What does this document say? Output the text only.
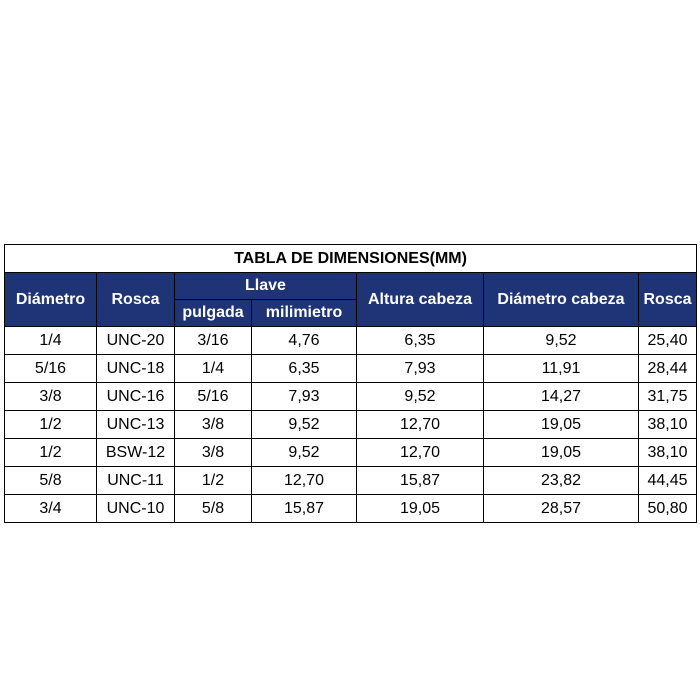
TABLA DE DIMENSIONES(MM)						
Diámetro	Rosca	Llave		Altura cabeza	Diámetro cabeza	Rosca
		pulgada	milimietro			
1/4	UNC-20	3/16	4,76	6,35	9,52	25,40
5/16	UNC-18	1/4	6,35	7,93	11,91	28,44
3/8	UNC-16	5/16	7,93	9,52	14,27	31,75
1/2	UNC-13	3/8	9,52	12,70	19,05	38,10
1/2	BSW-12	3/8	9,52	12,70	19,05	38,10
5/8	UNC-11	1/2	12,70	15,87	23,82	44,45
3/4	UNC-10	5/8	15,87	19,05	28,57	50,80
